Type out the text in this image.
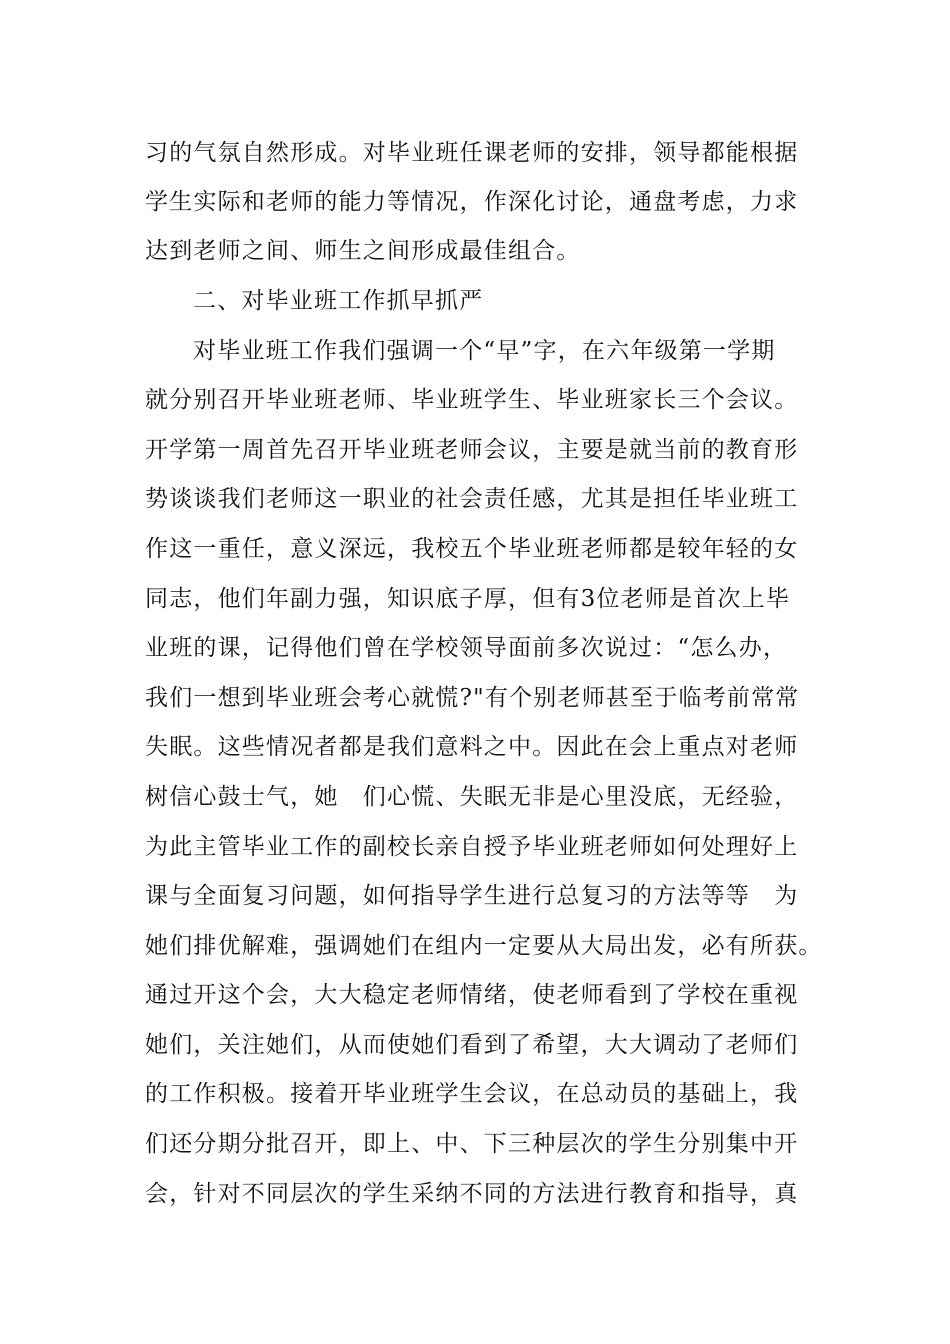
习的气氛自然形成。对毕业班任课老师的安排，领导都能根据
学生实际和老师的能力等情况，作深化讨论，通盘考虑，力求
达到老师之间、师生之间形成最佳组合。
二、对毕业班工作抓早抓严
对毕业班工作我们强调一个“早”字，在六年级第一学期
就分别召开毕业班老师、毕业班学生、毕业班家长三个会议。
开学第一周首先召开毕业班老师会议，主要是就当前的教育形
势谈谈我们老师这一职业的社会责任感，尤其是担任毕业班工
作这一重任，意义深远，我校五个毕业班老师都是较年轻的女
同志，他们年副力强，知识底子厚，但有3位老师是首次上毕
业班的课，记得他们曾在学校领导面前多次说过：“怎么办，
我们一想到毕业班会考心就慌?"有个别老师甚至于临考前常常
失眠。这些情况者都是我们意料之中。因此在会上重点对老师
树信心鼓士气，她　们心慌、失眠无非是心里没底，无经验，
为此主管毕业工作的副校长亲自授予毕业班老师如何处理好上
课与全面复习问题，如何指导学生进行总复习的方法等等　为
她们排优解难，强调她们在组内一定要从大局出发，必有所获。
通过开这个会，大大稳定老师情绪，使老师看到了学校在重视
她们，关注她们，从而使她们看到了希望，大大调动了老师们
的工作积极。接着开毕业班学生会议，在总动员的基础上，我
们还分期分批召开，即上、中、下三种层次的学生分别集中开
会，针对不同层次的学生采纳不同的方法进行教育和指导，真
